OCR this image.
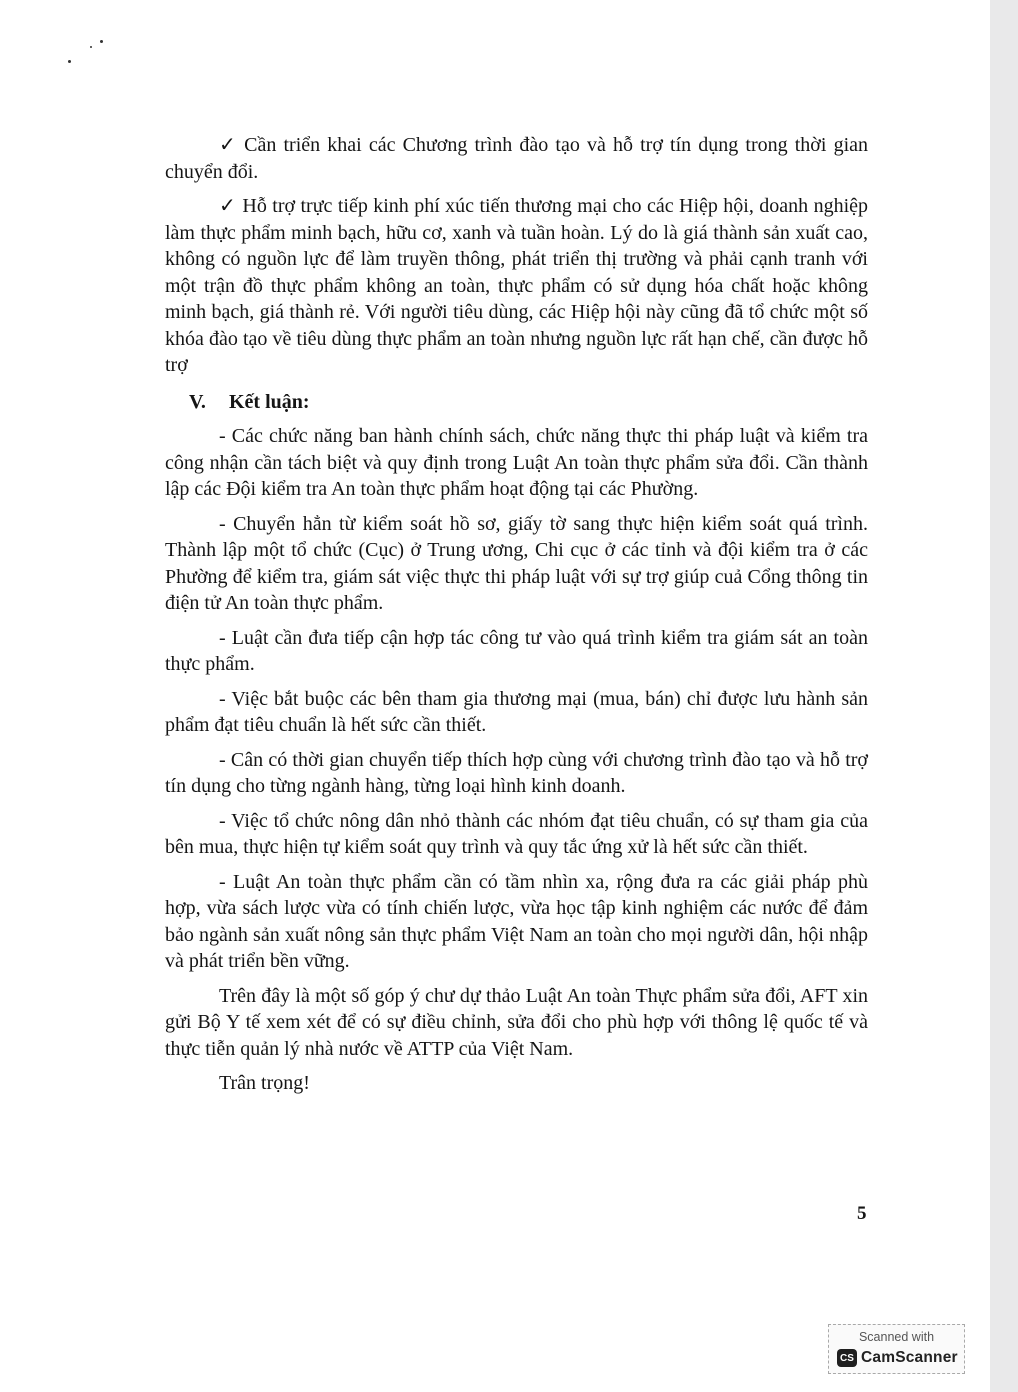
✓ Cần triển khai các Chương trình đào tạo và hỗ trợ tín dụng trong thời gian chuyển đổi.

✓ Hỗ trợ trực tiếp kinh phí xúc tiến thương mại cho các Hiệp hội, doanh nghiệp làm thực phẩm minh bạch, hữu cơ, xanh và tuần hoàn. Lý do là giá thành sản xuất cao, không có nguồn lực để làm truyền thông, phát triển thị trường và phải cạnh tranh với một trận đồ thực phẩm không an toàn, thực phẩm có sử dụng hóa chất hoặc không minh bạch, giá thành rẻ. Với người tiêu dùng, các Hiệp hội này cũng đã tổ chức một số khóa đào tạo về tiêu dùng thực phẩm an toàn nhưng nguồn lực rất hạn chế, cần được hỗ trợ

V. Kết luận:

- Các chức năng ban hành chính sách, chức năng thực thi pháp luật và kiểm tra công nhận cần tách biệt và quy định trong Luật An toàn thực phẩm sửa đổi. Cần thành lập các Đội kiểm tra An toàn thực phẩm hoạt động tại các Phường.

- Chuyển hẳn từ kiểm soát hồ sơ, giấy tờ sang thực hiện kiểm soát quá trình. Thành lập một tổ chức (Cục) ở Trung ương, Chi cục ở các tỉnh và đội kiểm tra ở các Phường để kiểm tra, giám sát việc thực thi pháp luật với sự trợ giúp cuả Cổng thông tin điện tử An toàn thực phẩm.

- Luật cần đưa tiếp cận hợp tác công tư vào quá trình kiểm tra giám sát an toàn thực phẩm.

- Việc bắt buộc các bên tham gia thương mại (mua, bán) chỉ được lưu hành sản phẩm đạt tiêu chuẩn là hết sức cần thiết.

- Cân có thời gian chuyển tiếp thích hợp cùng với chương trình đào tạo và hỗ trợ tín dụng cho từng ngành hàng, từng loại hình kinh doanh.

- Việc tổ chức nông dân nhỏ thành các nhóm đạt tiêu chuẩn, có sự tham gia của bên mua, thực hiện tự kiểm soát quy trình và quy tắc ứng xử là hết sức cần thiết.

- Luật An toàn thực phẩm cần có tầm nhìn xa, rộng đưa ra các giải pháp phù hợp, vừa sách lược vừa có tính chiến lược, vừa học tập kinh nghiệm các nước để đảm bảo ngành sản xuất nông sản thực phẩm Việt Nam an toàn cho mọi người dân, hội nhập và phát triển bền vững.

Trên đây là một số góp ý chư dự thảo Luật An toàn Thực phẩm sửa đổi, AFT xin gửi Bộ Y tế xem xét để có sự điều chỉnh, sửa đổi cho phù hợp với thông lệ quốc tế và thực tiễn quản lý nhà nước về ATTP của Việt Nam.

Trân trọng!

5
Scanned with
CS CamScanner
